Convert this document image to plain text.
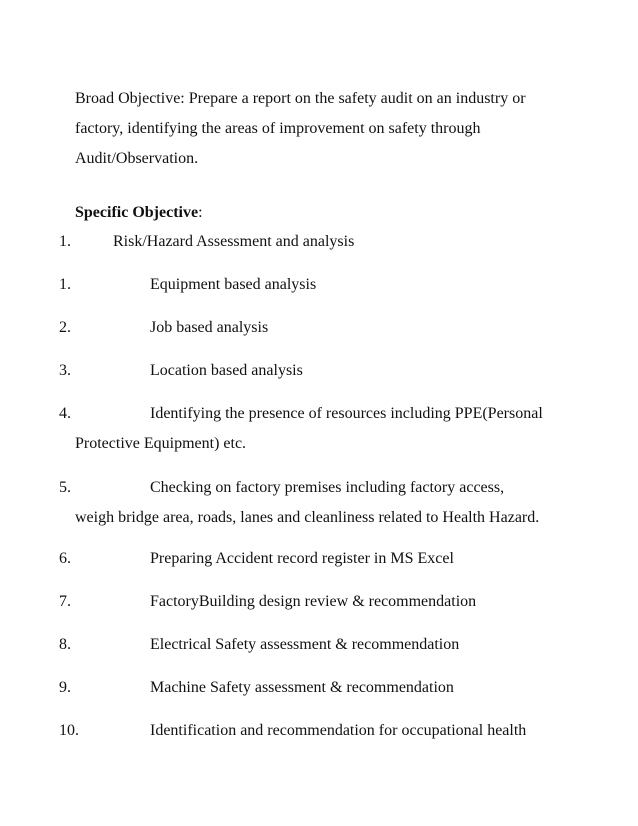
Broad Objective: Prepare a report on the safety audit on an industry or
factory, identifying the areas of improvement on safety through
Audit/Observation.
Specific Objective:
1.	Risk/Hazard Assessment and analysis
1.	Equipment based analysis
2.	Job based analysis
3.	Location based analysis
4.	Identifying the presence of resources including PPE(Personal
Protective Equipment) etc.
5.	Checking on factory premises including factory access,
weigh bridge area, roads, lanes and cleanliness related to Health Hazard.
6.	Preparing Accident record register in MS Excel
7.	FactoryBuilding design review & recommendation
8.	Electrical Safety assessment & recommendation
9.	Machine Safety assessment & recommendation
10.	Identification and recommendation for occupational health
